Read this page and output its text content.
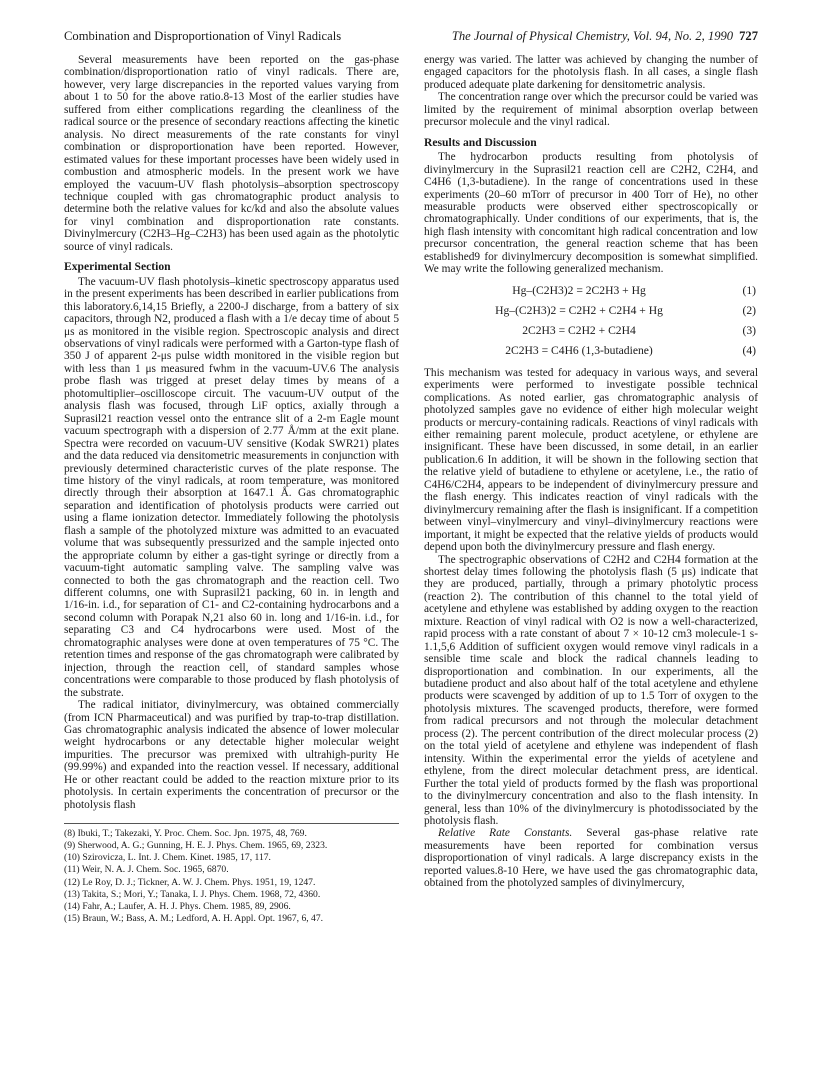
Combination and Disproportionation of Vinyl Radicals	The Journal of Physical Chemistry, Vol. 94, No. 2, 1990 727

Several measurements have been reported on the gas-phase combination/disproportionation ratio of vinyl radicals. There are, however, very large discrepancies in the reported values varying from about 1 to 50 for the above ratio.8-13 Most of the earlier studies have suffered from either complications regarding the cleanliness of the radical source or the presence of secondary reactions affecting the kinetic analysis. No direct measurements of the rate constants for vinyl combination or disproportionation have been reported. However, estimated values for these important processes have been widely used in combustion and atmospheric models. In the present work we have employed the vacuum-UV flash photolysis–absorption spectroscopy technique coupled with gas chromatographic product analysis to determine both the relative values for kc/kd and also the absolute values for vinyl combination and disproportionation rate constants. Divinylmercury (C2H3–Hg–C2H3) has been used again as the photolytic source of vinyl radicals.

Experimental Section

The vacuum-UV flash photolysis–kinetic spectroscopy apparatus used in the present experiments has been described in earlier publications from this laboratory.6,14,15 Briefly, a 2200-J discharge, from a battery of six capacitors, through N2, produced a flash with a 1/e decay time of about 5 μs as monitored in the visible region. Spectroscopic analysis and direct observations of vinyl radicals were performed with a Garton-type flash of 350 J of apparent 2-μs pulse width monitored in the visible region but with less than 1 μs measured fwhm in the vacuum-UV.6 The analysis probe flash was trigged at preset delay times by means of a photomultiplier–oscilloscope circuit. The vacuum-UV output of the analysis flash was focused, through LiF optics, axially through a Suprasil21 reaction vessel onto the entrance slit of a 2-m Eagle mount vacuum spectrograph with a dispersion of 2.77 Å/mm at the exit plane. Spectra were recorded on vacuum-UV sensitive (Kodak SWR21) plates and the data reduced via densitometric measurements in conjunction with previously determined characteristic curves of the plate response. The time history of the vinyl radicals, at room temperature, was monitored directly through their absorption at 1647.1 Å. Gas chromatographic separation and identification of photolysis products were carried out using a flame ionization detector. Immediately following the photolysis flash a sample of the photolyzed mixture was admitted to an evacuated volume that was subsequently pressurized and the sample injected onto the appropriate column by either a gas-tight syringe or directly from a vacuum-tight automatic sampling valve. The sampling valve was connected to both the gas chromatograph and the reaction cell. Two different columns, one with Suprasil21 packing, 60 in. in length and 1/16-in. i.d., for separation of C1- and C2-containing hydrocarbons and a second column with Porapak N,21 also 60 in. long and 1/16-in. i.d., for separating C3 and C4 hydrocarbons were used. Most of the chromatographic analyses were done at oven temperatures of 75 °C. The retention times and response of the gas chromatograph were calibrated by injection, through the reaction cell, of standard samples whose concentrations were comparable to those produced by flash photolysis of the substrate.

The radical initiator, divinylmercury, was obtained commercially (from ICN Pharmaceutical) and was purified by trap-to-trap distillation. Gas chromatographic analysis indicated the absence of lower molecular weight hydrocarbons or any detectable higher molecular weight impurities. The precursor was premixed with ultrahigh-purity He (99.99%) and expanded into the reaction vessel. If necessary, additional He or other reactant could be added to the reaction mixture prior to its photolysis. In certain experiments the concentration of precursor or the photolysis flash

(8) Ibuki, T.; Takezaki, Y. Proc. Chem. Soc. Jpn. 1975, 48, 769.
(9) Sherwood, A. G.; Gunning, H. E. J. Phys. Chem. 1965, 69, 2323.
(10) Szirovicza, L. Int. J. Chem. Kinet. 1985, 17, 117.
(11) Weir, N. A. J. Chem. Soc. 1965, 6870.
(12) Le Roy, D. J.; Tickner, A. W. J. Chem. Phys. 1951, 19, 1247.
(13) Takita, S.; Mori, Y.; Tanaka, I. J. Phys. Chem. 1968, 72, 4360.
(14) Fahr, A.; Laufer, A. H. J. Phys. Chem. 1985, 89, 2906.
(15) Braun, W.; Bass, A. M.; Ledford, A. H. Appl. Opt. 1967, 6, 47.

energy was varied. The latter was achieved by changing the number of engaged capacitors for the photolysis flash. In all cases, a single flash produced adequate plate darkening for densitometric analysis.

The concentration range over which the precursor could be varied was limited by the requirement of minimal absorption overlap between precursor molecule and the vinyl radical.

Results and Discussion

The hydrocarbon products resulting from photolysis of divinylmercury in the Suprasil21 reaction cell are C2H2, C2H4, and C4H6 (1,3-butadiene). In the range of concentrations used in these experiments (20–60 mTorr of precursor in 400 Torr of He), no other measurable products were observed either spectroscopically or chromatographically. Under conditions of our experiments, that is, the high flash intensity with concomitant high radical concentration and low precursor concentration, the general reaction scheme that has been established9 for divinylmercury decomposition is somewhat simplified. We may write the following generalized mechanism.

Hg–(C2H3)2 = 2C2H3 + Hg	(1)
Hg–(C2H3)2 = C2H2 + C2H4 + Hg	(2)
2C2H3 = C2H2 + C2H4	(3)
2C2H3 = C4H6 (1,3-butadiene)	(4)

This mechanism was tested for adequacy in various ways, and several experiments were performed to investigate possible technical complications. As noted earlier, gas chromatographic analysis of photolyzed samples gave no evidence of either high molecular weight products or mercury-containing radicals. Reactions of vinyl radicals with either remaining parent molecule, product acetylene, or ethylene are insignificant. These have been discussed, in some detail, in an earlier publication.6 In addition, it will be shown in the following section that the relative yield of butadiene to ethylene or acetylene, i.e., the ratio of C4H6/C2H4, appears to be independent of divinylmercury pressure and the flash energy. This indicates reaction of vinyl radicals with the divinylmercury remaining after the flash is insignificant. If a competition between vinyl–vinylmercury and vinyl–divinylmercury reactions were important, it might be expected that the relative yields of products would depend upon both the divinylmercury pressure and flash energy.

The spectrographic observations of C2H2 and C2H4 formation at the shortest delay times following the photolysis flash (5 μs) indicate that they are produced, partially, through a primary photolytic process (reaction 2). The contribution of this channel to the total yield of acetylene and ethylene was established by adding oxygen to the reaction mixture. Reaction of vinyl radical with O2 is now a well-characterized, rapid process with a rate constant of about 7 × 10-12 cm3 molecule-1 s-1.1,5,6 Addition of sufficient oxygen would remove vinyl radicals in a sensible time scale and block the radical channels leading to disproportionation and combination. In our experiments, all the butadiene product and also about half of the total acetylene and ethylene products were scavenged by addition of up to 1.5 Torr of oxygen to the photolysis mixtures. The scavenged products, therefore, were formed from radical precursors and not through the molecular detachment process (2). The percent contribution of the direct molecular process (2) on the total yield of acetylene and ethylene was independent of flash intensity. Within the experimental error the yields of acetylene and ethylene, from the direct molecular detachment press, are identical. Further the total yield of products formed by the flash was proportional to the divinylmercury concentration and also to the flash intensity. In general, less than 10% of the divinylmercury is photodissociated by the photolysis flash.

Relative Rate Constants. Several gas-phase relative rate measurements have been reported for combination versus disproportionation of vinyl radicals. A large discrepancy exists in the reported values.8-10 Here, we have used the gas chromatographic data, obtained from the photolyzed samples of divinylmercury,
